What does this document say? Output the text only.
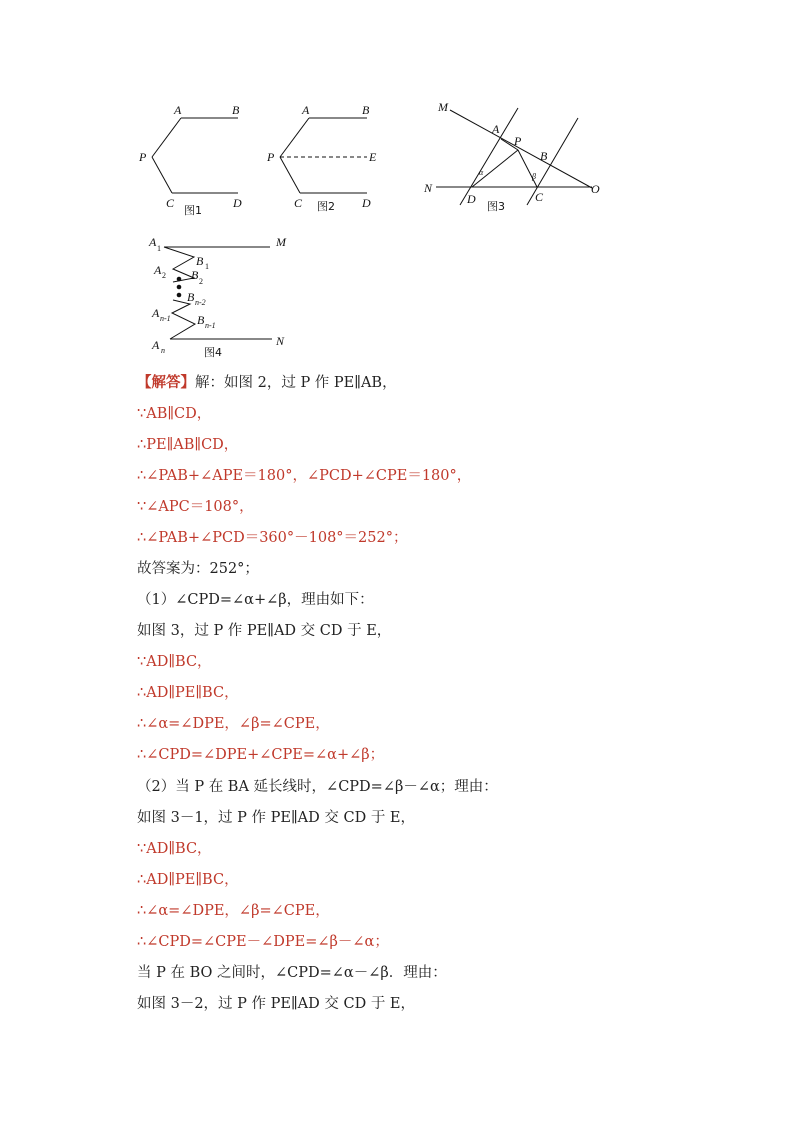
A	B
P
C	D
图1
A	B
P	E
C	D
图2
M
A
P
B
N
D	C
O
α	β
图3
A 1	M
B 1
A 2 B 2
B n-2
A n-1 B n-1
A n
N
图4
【解答】解：如图 2，过 P 作 PE∥AB，
∵AB∥CD，
∴PE∥AB∥CD，
∴∠PAB+∠APE＝180°，∠PCD+∠CPE＝180°，
∵∠APC＝108°，
∴∠PAB+∠PCD＝360°－108°＝252°；
故答案为：252°；
（1）∠CPD=∠α+∠β，理由如下：
如图 3，过 P 作 PE∥AD 交 CD 于 E，
∵AD∥BC，
∴AD∥PE∥BC，
∴∠α=∠DPE，∠β=∠CPE，
∴∠CPD=∠DPE+∠CPE=∠α+∠β；
（2）当 P 在 BA 延长线时，∠CPD=∠β－∠α；理由：
如图 3－1，过 P 作 PE∥AD 交 CD 于 E，
∵AD∥BC，
∴AD∥PE∥BC，
∴∠α=∠DPE，∠β=∠CPE，
∴∠CPD=∠CPE－∠DPE=∠β－∠α；
当 P 在 BO 之间时，∠CPD=∠α－∠β．理由：
如图 3－2，过 P 作 PE∥AD 交 CD 于 E，
